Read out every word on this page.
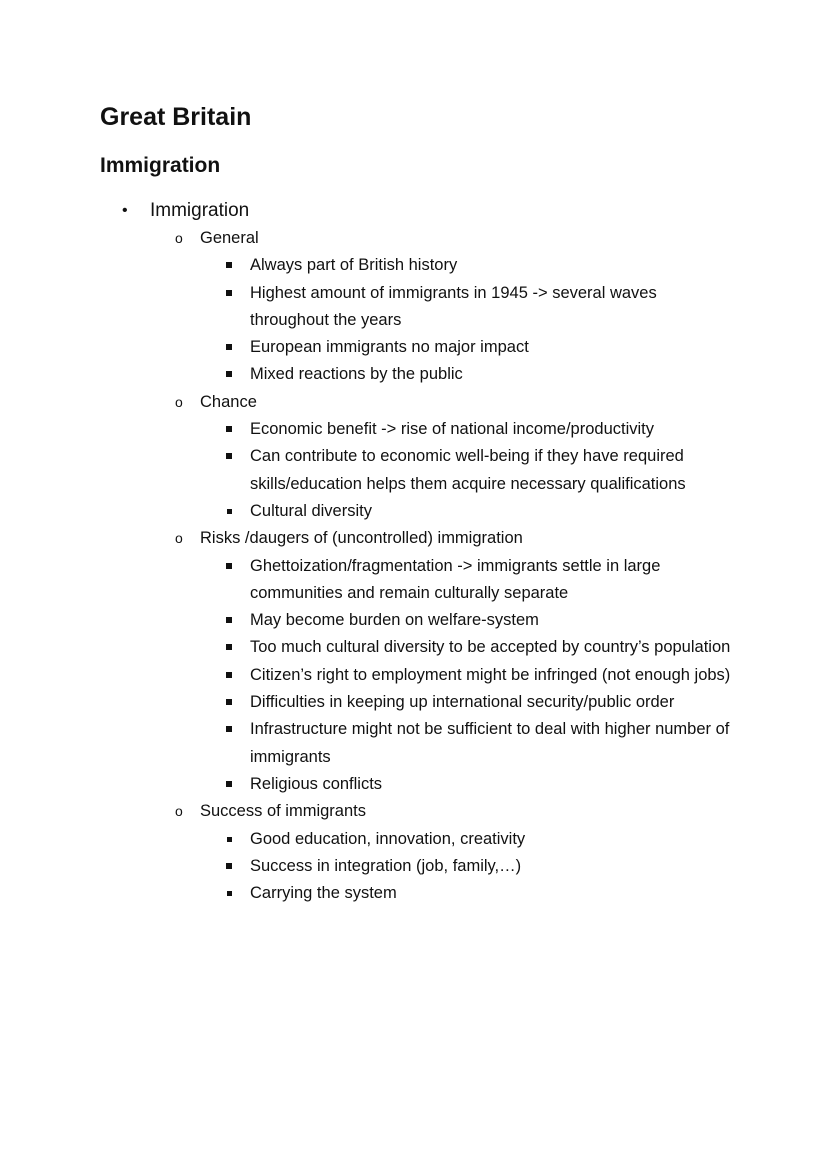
Great Britain
Immigration
• Immigration
o General
Always part of British history
Highest amount of immigrants in 1945 -> several waves throughout the years
European immigrants no major impact
Mixed reactions by the public
o Chance
Economic benefit -> rise of national income/productivity
Can contribute to economic well-being if they have required skills/education helps them acquire necessary qualifications
Cultural diversity
o Risks /daugers of (uncontrolled) immigration
Ghettoization/fragmentation -> immigrants settle in large communities and remain culturally separate
May become burden on welfare-system
Too much cultural diversity to be accepted by country’s population
Citizen’s right to employment might be infringed (not enough jobs)
Difficulties in keeping up international security/public order
Infrastructure might not be sufficient to deal with higher number of immigrants
Religious conflicts
o Success of immigrants
Good education, innovation, creativity
Success in integration (job, family,…)
Carrying the system
